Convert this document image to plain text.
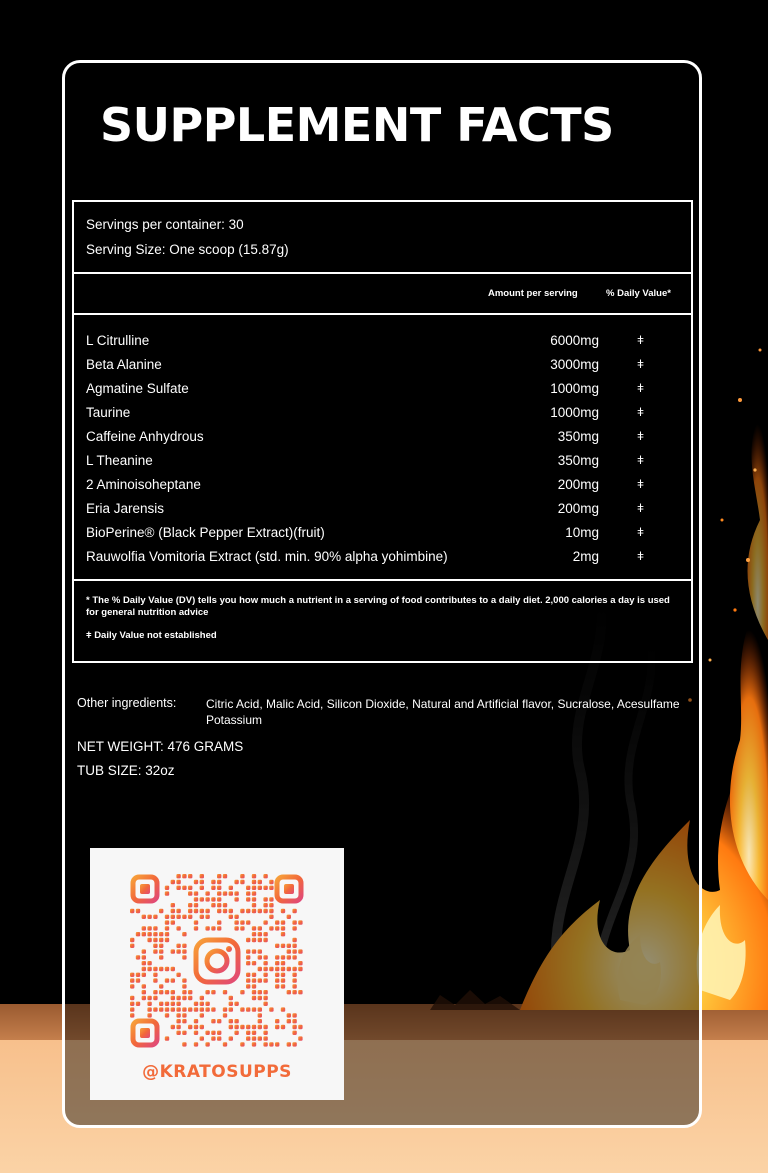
SUPPLEMENT FACTS
Servings per container: 30
Serving Size: One scoop (15.87g)
Amount per serving	% Daily Value*
L Citrulline	6000mg	ǂ
Beta Alanine	3000mg	ǂ
Agmatine Sulfate	1000mg	ǂ
Taurine	1000mg	ǂ
Caffeine Anhydrous	350mg	ǂ
L Theanine	350mg	ǂ
2 Aminoisoheptane	200mg	ǂ
Eria Jarensis	200mg	ǂ
BioPerine® (Black Pepper Extract)(fruit)	10mg	ǂ
Rauwolfia Vomitoria Extract (std. min. 90% alpha yohimbine)	2mg	ǂ
* The % Daily Value (DV) tells you how much a nutrient in a serving of food contributes to a daily diet. 2,000 calories a day is used for general nutrition advice
ǂ Daily Value not established
Other ingredients: Citric Acid, Malic Acid, Silicon Dioxide, Natural and Artificial flavor, Sucralose, Acesulfame Potassium
NET WEIGHT: 476 GRAMS
TUB SIZE: 32oz
@KRATOSUPPS
